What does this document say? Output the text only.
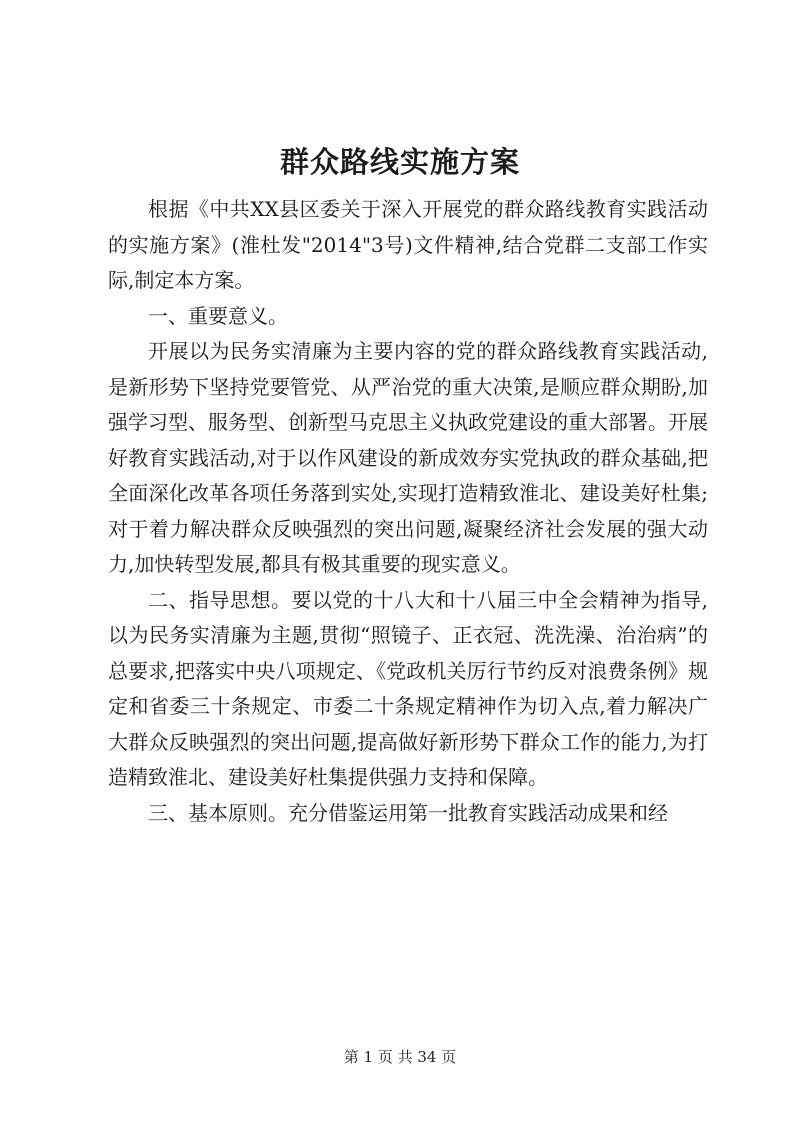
群众路线实施方案

根据《中共XX县区委关于深入开展党的群众路线教育实践活动的实施方案》(淮杜发"2014"3号)文件精神,结合党群二支部工作实际,制定本方案。

一、重要意义。

开展以为民务实清廉为主要内容的党的群众路线教育实践活动,是新形势下坚持党要管党、从严治党的重大决策,是顺应群众期盼,加强学习型、服务型、创新型马克思主义执政党建设的重大部署。开展好教育实践活动,对于以作风建设的新成效夯实党执政的群众基础,把全面深化改革各项任务落到实处,实现打造精致淮北、建设美好杜集;对于着力解决群众反映强烈的突出问题,凝聚经济社会发展的强大动力,加快转型发展,都具有极其重要的现实意义。

二、指导思想。要以党的十八大和十八届三中全会精神为指导,以为民务实清廉为主题,贯彻“照镜子、正衣冠、洗洗澡、治治病”的总要求,把落实中央八项规定、《党政机关厉行节约反对浪费条例》规定和省委三十条规定、市委二十条规定精神作为切入点,着力解决广大群众反映强烈的突出问题,提高做好新形势下群众工作的能力,为打造精致淮北、建设美好杜集提供强力支持和保障。

三、基本原则。充分借鉴运用第一批教育实践活动成果和经

第 1 页 共 34 页
